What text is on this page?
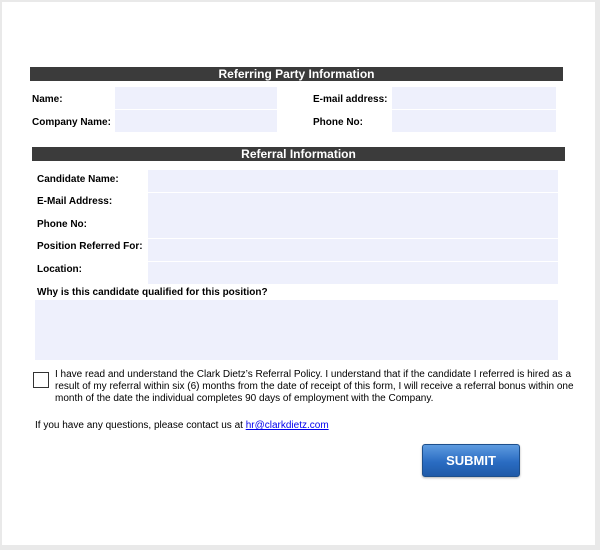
Referring Party Information
Name:	E-mail address:
Company Name:	Phone No:
Referral Information
Candidate Name:
E-Mail Address:
Phone No:
Position Referred For:
Location:
Why is this candidate qualified for this position?
I have read and understand the Clark Dietz’s Referral Policy. I understand that if the candidate I referred is hired as a result of my referral within six (6) months from the date of receipt of this form, I will receive a referral bonus within one month of the date the individual completes 90 days of employment with the Company.
If you have any questions, please contact us at hr@clarkdietz.com
SUBMIT
